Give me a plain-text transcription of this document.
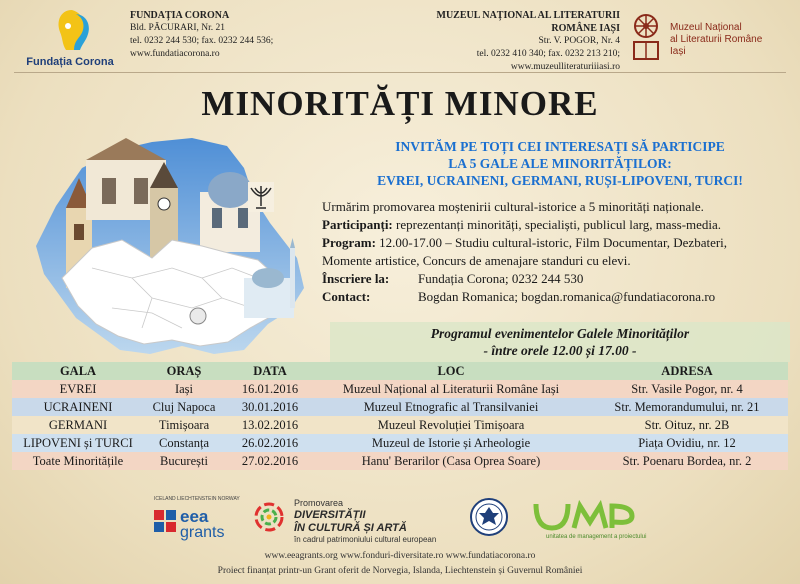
Fundația Corona
FUNDAȚIA CORONA
Bld. PĂCURARI, Nr. 21
tel. 0232 244 530; fax. 0232 244 536;
www.fundatiacorona.ro
MUZEUL NAȚIONAL AL LITERATURII ROMÂNE IAȘI
Str. V. POGOR, Nr. 4
tel. 0232 410 340; fax. 0232 213 210;
www.muzeulliteraturiiiasi.ro
Muzeul Național
al Literaturii Române
Iași
MINORITĂȚI MINORE
INVITĂM PE TOȚI CEI INTERESAȚI SĂ PARTICIPE
LA 5 GALE ALE MINORITĂȚILOR:
EVREI, UCRAINENI, GERMANI, RUȘI-LIPOVENI, TURCI!
Urmărim promovarea moștenirii cultural-istorice a 5 minorități naționale.
Participanți: reprezentanți minorități, specialiști, publicul larg, mass-media.
Program: 12.00-17.00 – Studiu cultural-istoric, Film Documentar, Dezbateri,
Momente artistice, Concurs de amenajare standuri cu elevi.
Înscriere la: Fundația Corona; 0232 244 530
Contact:	Bogdan Romanica; bogdan.romanica@fundatiacorona.ro
Programul evenimentelor Galele Minorităților
- între orele 12.00 și 17.00 -
GALA	ORAȘ	DATA	LOC	ADRESA
EVREI	Iași	16.01.2016	Muzeul Național al Literaturii Române Iași	Str. Vasile Pogor, nr. 4
UCRAINENI	Cluj Napoca	30.01.2016	Muzeul Etnografic al Transilvaniei	Str. Memorandumului, nr. 21
GERMANI	Timișoara	13.02.2016	Muzeul Revoluției Timișoara	Str. Oituz, nr. 2B
LIPOVENI și TURCI	Constanța	26.02.2016	Muzeul de Istorie și Arheologie	Piața Ovidiu, nr. 12
Toate Minoritățile	București	27.02.2016	Hanu' Berarilor (Casa Oprea Soare)	Str. Poenaru Bordea, nr. 2
ICELAND LIECHTENSTEIN NORWAY
eea
grants
Promovarea
DIVERSITĂȚII
ÎN CULTURĂ ȘI ARTĂ
în cadrul patrimoniului cultural european	unitatea de management a proiectului
www.eeagrants.org www.fonduri-diversitate.ro www.fundatiacorona.ro
Proiect finanțat printr-un Grant oferit de Norvegia, Islanda, Liechtenstein și Guvernul României
